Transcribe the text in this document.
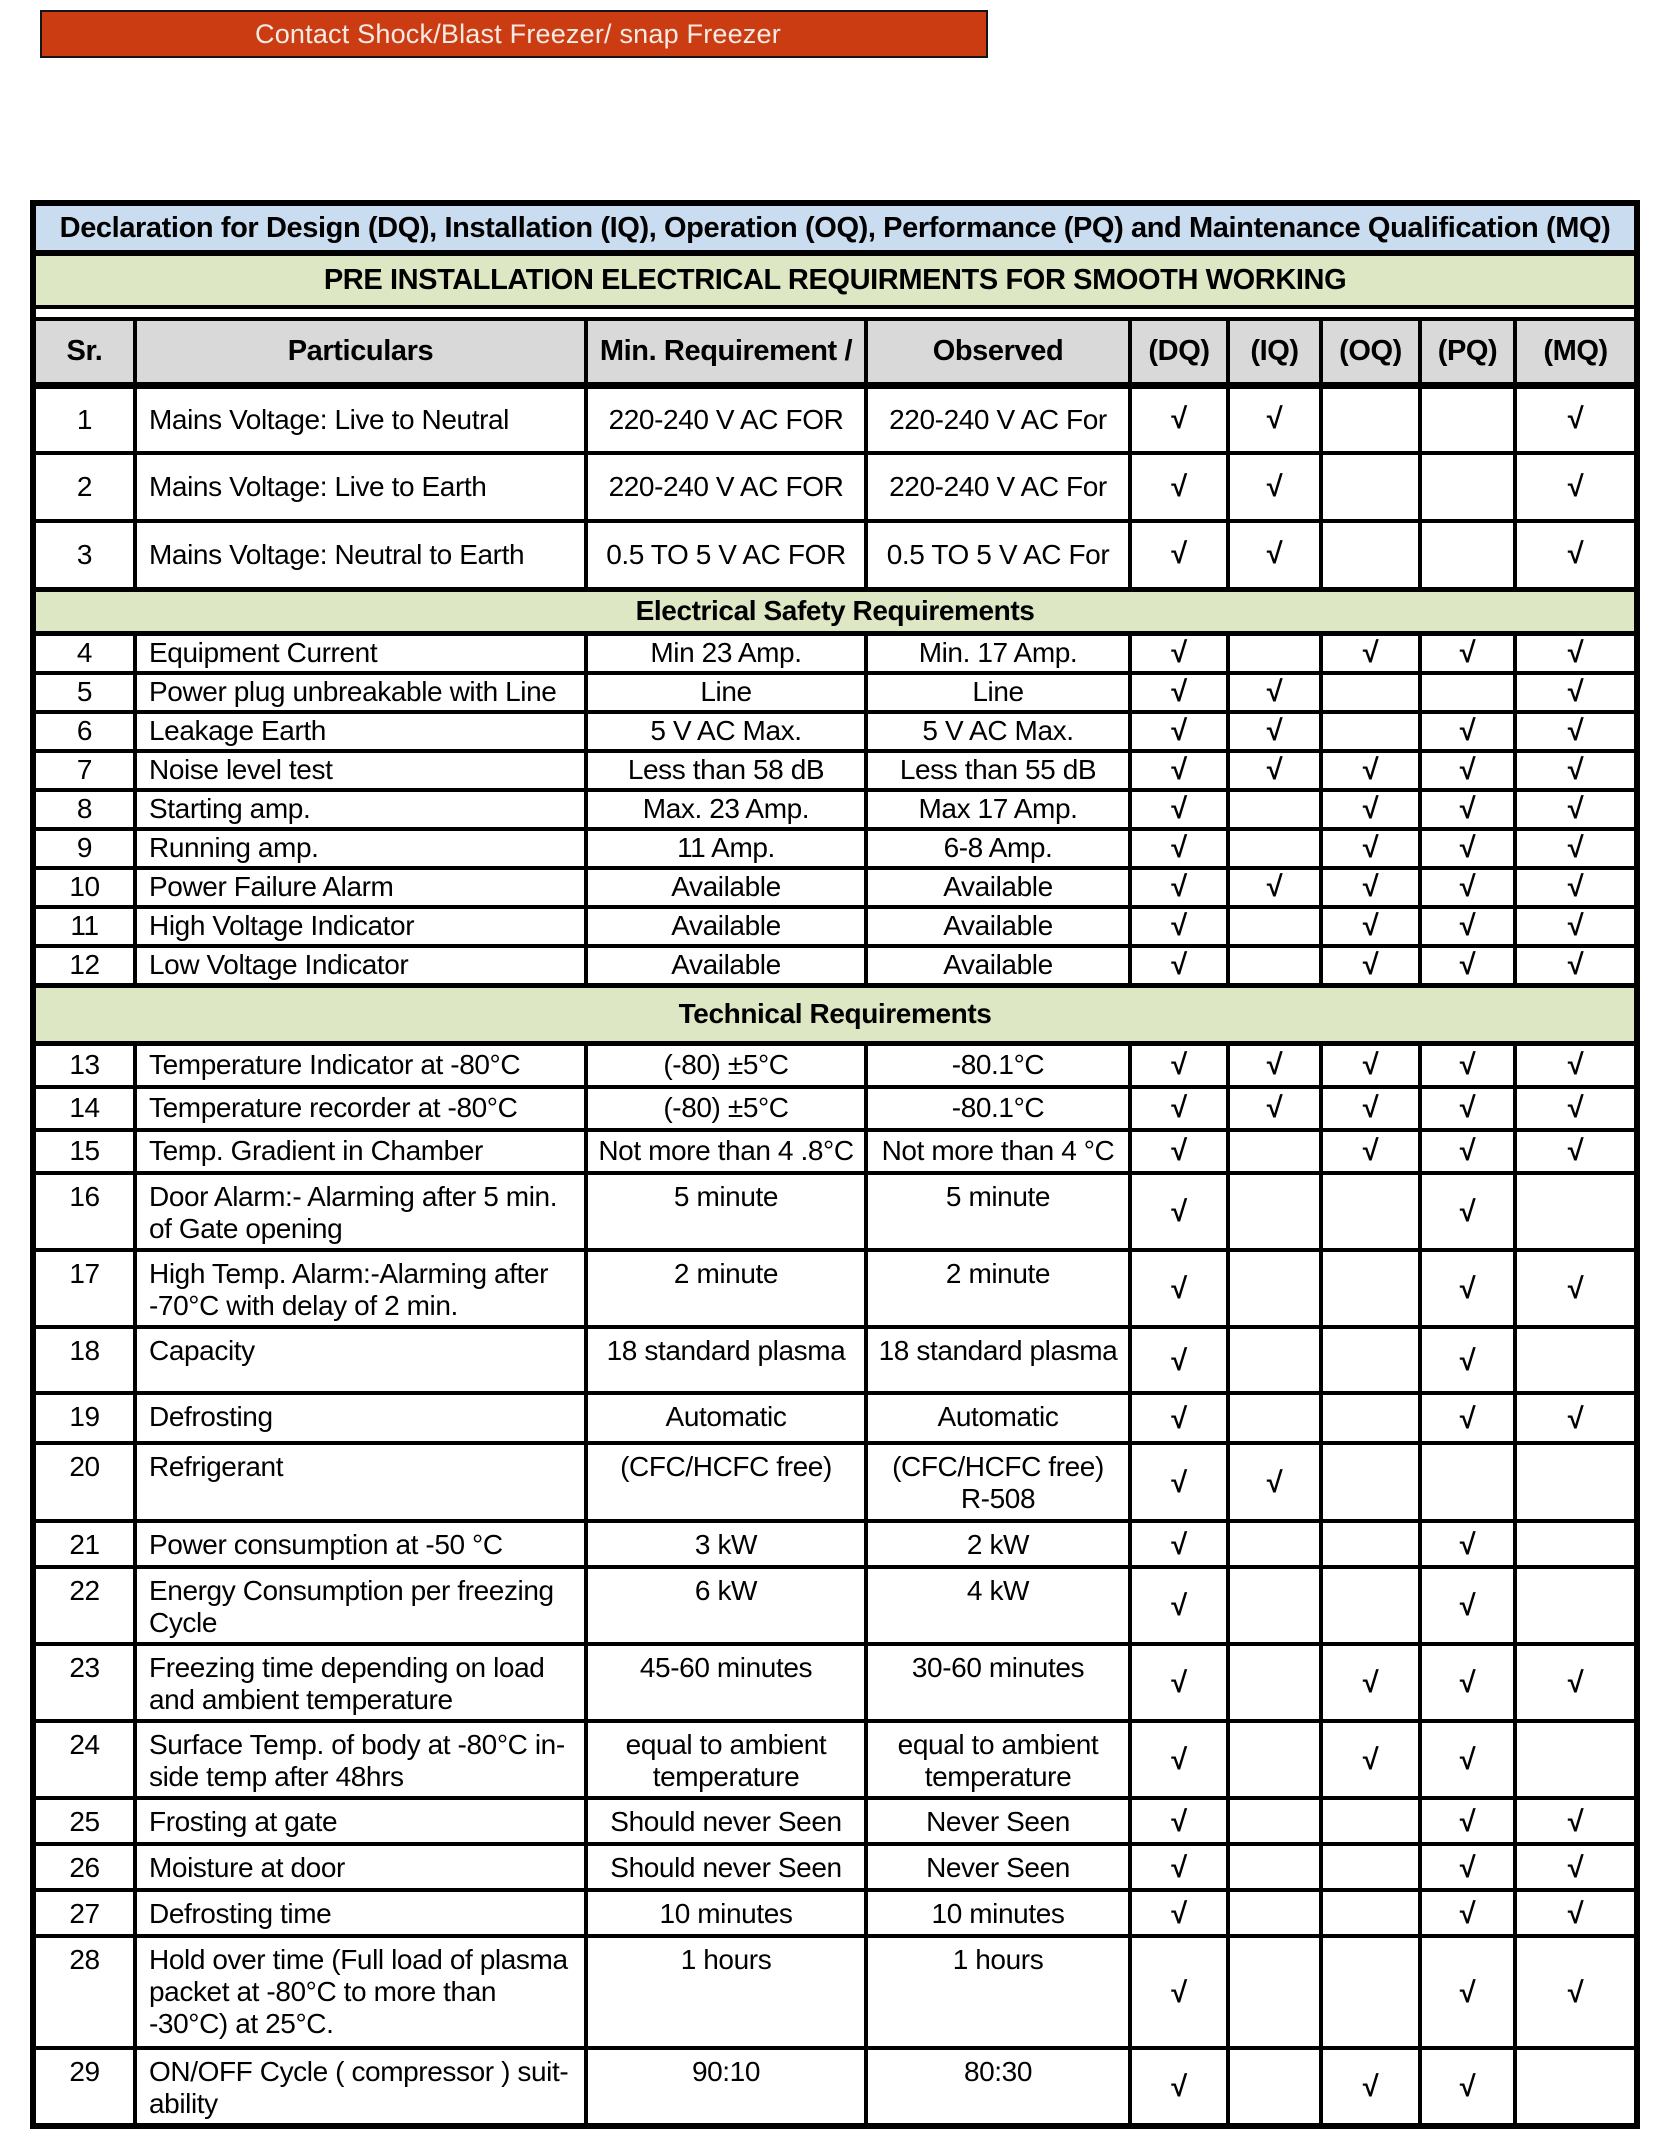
Contact Shock/Blast Freezer/ snap Freezer
Declaration for Design (DQ), Installation (IQ), Operation (OQ), Performance (PQ) and Maintenance Qualification (MQ)								
PRE INSTALLATION ELECTRICAL REQUIRMENTS FOR SMOOTH WORKING								

Sr.	Particulars	Min. Requirement /	Observed	(DQ)	(IQ)	(OQ)	(PQ)	(MQ)
1	Mains Voltage: Live to Neutral	220-240 V AC FOR	220-240 V AC For	√	√			√
2	Mains Voltage: Live to Earth	220-240 V AC FOR	220-240 V AC For	√	√			√
3	Mains Voltage: Neutral to Earth	0.5 TO 5 V AC FOR	0.5 TO 5 V AC For	√	√			√
Electrical Safety Requirements								
4	Equipment Current	Min 23 Amp.	Min. 17 Amp.	√		√	√	√
5	Power plug unbreakable with Line	Line	Line	√	√			√
6	Leakage Earth	5 V AC Max.	5 V AC Max.	√	√		√	√
7	Noise level test	Less than 58 dB	Less than 55 dB	√	√	√	√	√
8	Starting amp.	Max. 23 Amp.	Max 17 Amp.	√		√	√	√
9	Running amp.	11 Amp.	6-8 Amp.	√		√	√	√
10	Power Failure Alarm	Available	Available	√	√	√	√	√
11	High Voltage Indicator	Available	Available	√		√	√	√
12	Low Voltage Indicator	Available	Available	√		√	√	√
Technical Requirements								
13	Temperature Indicator at -80°C	(-80) ±5°C	-80.1°C	√	√	√	√	√
14	Temperature recorder at -80°C	(-80) ±5°C	-80.1°C	√	√	√	√	√
15	Temp. Gradient in Chamber	Not more than 4 .8°C	Not more than 4 °C	√		√	√	√
16	Door Alarm:- Alarming after 5 min. of Gate opening	5 minute	5 minute	√			√	
17	High Temp. Alarm:-Alarming after -70°C with delay of 2 min.	2 minute	2 minute	√			√	√
18	Capacity	18 standard plasma	18 standard plasma	√			√	
19	Defrosting	Automatic	Automatic	√			√	√
20	Refrigerant	(CFC/HCFC free)	(CFC/HCFC free) R-508	√	√			
21	Power consumption at -50 °C	3 kW	2 kW	√			√	
22	Energy Consumption per freezing Cycle	6 kW	4 kW	√			√	
23	Freezing time depending on load and ambient temperature	45-60 minutes	30-60 minutes	√		√	√	√
24	Surface Temp. of body at -80°C in-side temp after 48hrs	equal to ambient temperature	equal to ambient temperature	√		√	√	
25	Frosting at gate	Should never Seen	Never Seen	√			√	√
26	Moisture at door	Should never Seen	Never Seen	√			√	√
27	Defrosting time	10 minutes	10 minutes	√			√	√
28	Hold over time (Full load of plasma packet at -80°C to more than -30°C) at 25°C.	1 hours	1 hours	√			√	√
29	ON/OFF Cycle ( compressor ) suit-ability	90:10	80:30	√		√	√	
